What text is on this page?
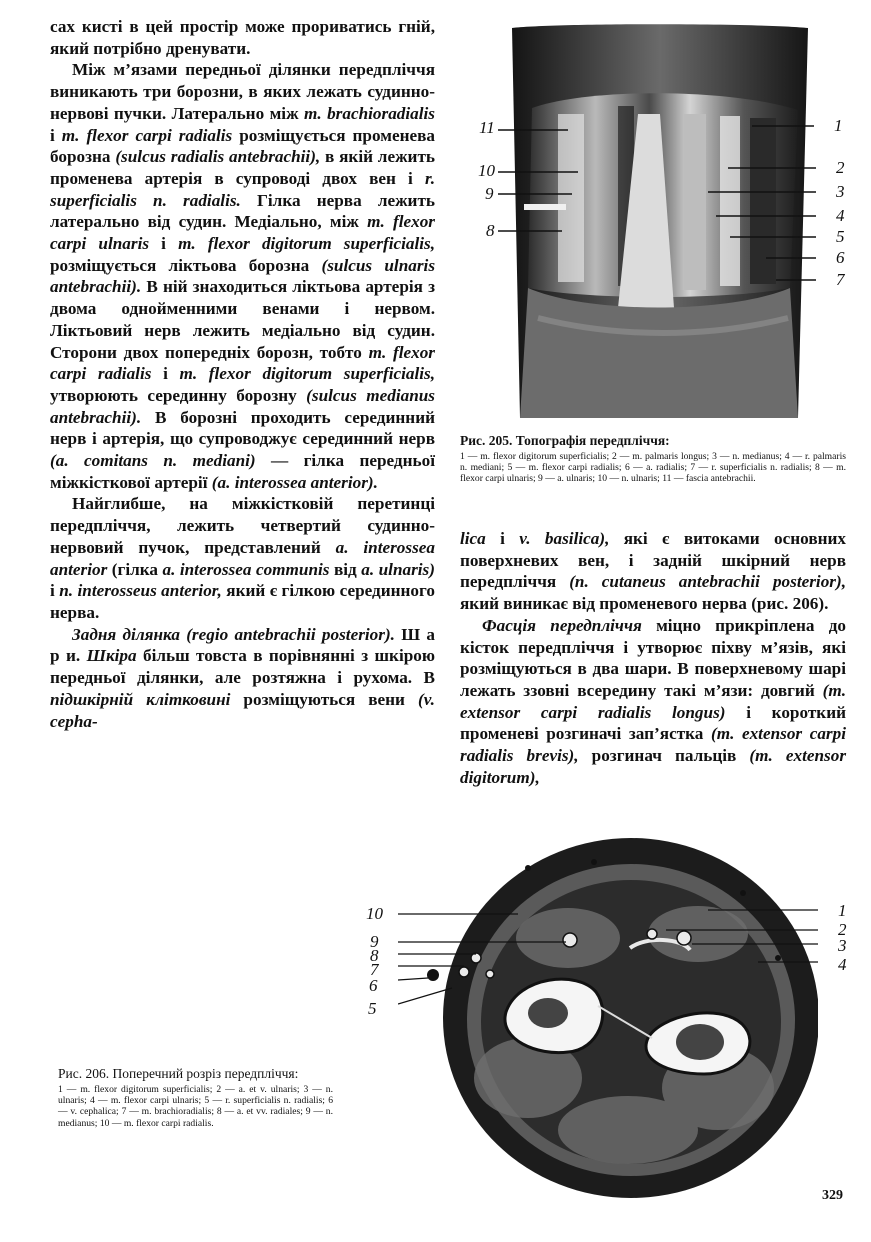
сах кисті в цей простір може прориватись гній, який потрібно дренувати.

Між м’язами передньої ділянки передпліччя виникають три борозни, в яких лежать судинно-нервові пучки. Латерально між m. brachioradialis і m. flexor carpi radialis розміщується променева борозна (sulcus radialis antebrachii), в якій лежить променева артерія в супроводі двох вен і r. superficialis n. radialis. Гілка нерва лежить латерально від судин. Медіально, між m. flexor carpi ulnaris і m. flexor digitorum superficialis, розміщується ліктьова борозна (sulcus ulnaris antebrachii). В ній знаходиться ліктьова артерія з двома однойменними венами і нервом. Ліктьовий нерв лежить медіально від судин. Сторони двох попередніх борозн, тобто m. flexor carpi radialis і m. flexor digitorum superficialis, утворюють серединну борозну (sulcus medianus antebrachii). В борозні проходить серединний нерв і артерія, що супроводжує серединний нерв (a. comitans n. mediani) — гілка передньої міжкісткової артерії (a. interossea anterior).

Найглибше, на міжкістковій перетинці передпліччя, лежить четвертий судинно-нервовий пучок, представлений a. interossea anterior (гілка a. interossea communis від a. ulnaris) і n. interosseus anterior, який є гілкою серединного нерва.

Задня ділянка (regio antebrachii posterior). Ш а р и. Шкіра більш товста в порівнянні з шкірою передньої ділянки, але розтяжна і рухома. В підшкірній клітковині розміщуються вени (v. cepha-

11
10
9
8
1
2
3
4
5
6
7
Рис. 205. Топографія передпліччя:
1 — m. flexor digitorum superficialis; 2 — m. palmaris longus; 3 — n. medianus; 4 — r. palmaris n. mediani; 5 — m. flexor carpi radialis; 6 — a. radialis; 7 — r. superficialis n. radialis; 8 — m. flexor carpi ulnaris; 9 — a. ulnaris; 10 — n. ulnaris; 11 — fascia antebrachii.

lica і v. basilica), які є витоками основних поверхневих вен, і задній шкірний нерв передпліччя (n. cutaneus antebrachii posterior), який виникає від променевого нерва (рис. 206).

Фасція передпліччя міцно прикріплена до кісток передпліччя і утворює піхву м’язів, які розміщуються в два шари. В поверхневому шарі лежать ззовні всередину такі м’язи: довгий (m. extensor carpi radialis longus) і короткий променеві розгиначі зап’ястка (m. extensor carpi radialis brevis), розгинач пальців (m. extensor digitorum),

10
9
8
7
6
5
1
2
3
4
Рис. 206. Поперечний розріз передпліччя:
1 — m. flexor digitorum superficialis; 2 — a. et v. ulnaris; 3 — n. ulnaris; 4 — m. flexor carpi ulnaris; 5 — r. superficialis n. radialis; 6 — v. cephalica; 7 — m. brachioradialis; 8 — a. et vv. radiales; 9 — n. medianus; 10 — m. flexor carpi radialis.
329
